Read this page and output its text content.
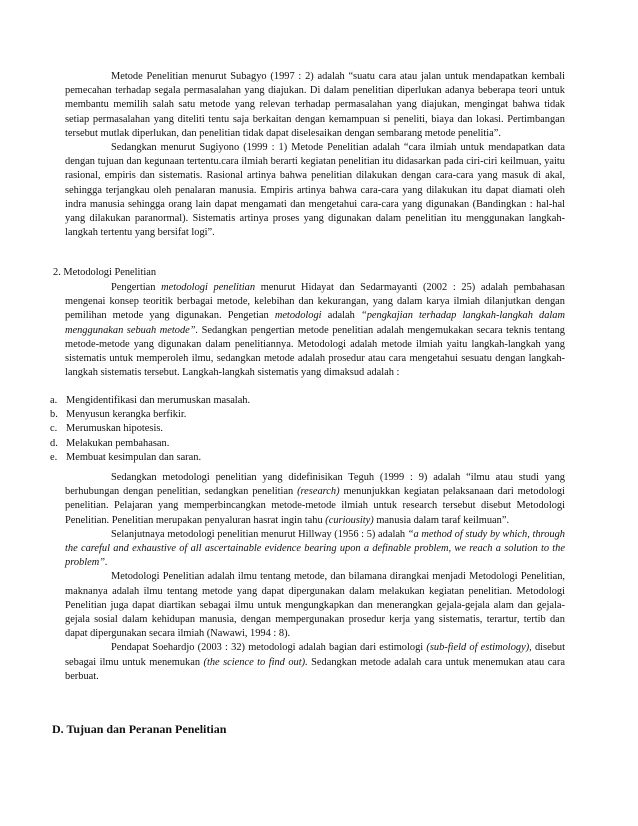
Metode Penelitian menurut Subagyo (1997 : 2) adalah “suatu cara atau jalan untuk mendapatkan kembali pemecahan terhadap segala permasalahan yang diajukan. Di dalam penelitian diperlukan adanya beberapa teori untuk membantu memilih salah satu metode yang relevan terhadap permasalahan yang diajukan, mengingat bahwa tidak setiap permasalahan yang diteliti tentu saja berkaitan dengan kemampuan si peneliti, biaya dan lokasi. Pertimbangan tersebut mutlak diperlukan, dan penelitian tidak dapat diselesaikan dengan sembarang metode penelitia”.

Sedangkan menurut Sugiyono (1999 : 1) Metode Penelitian adalah “cara ilmiah untuk mendapatkan data dengan tujuan dan kegunaan tertentu.cara ilmiah berarti kegiatan penelitian itu didasarkan pada ciri-ciri keilmuan, yaitu rasional, empiris dan sistematis. Rasional artinya bahwa penelitian dilakukan dengan cara-cara yang masuk di akal, sehingga terjangkau oleh penalaran manusia. Empiris artinya bahwa cara-cara yang dilakukan itu dapat diamati oleh indra manusia sehingga orang lain dapat mengamati dan mengetahui cara-cara yang digunakan (Bandingkan : hal-hal yang dilakukan paranormal). Sistematis artinya proses yang digunakan dalam penelitian itu menggunakan langkah-langkah tertentu yang bersifat logi”.

2. Metodologi Penelitian

Pengertian metodologi penelitian menurut Hidayat dan Sedarmayanti (2002 : 25) adalah pembahasan mengenai konsep teoritik berbagai metode, kelebihan dan kekurangan, yang dalam karya ilmiah dilanjutkan dengan pemilihan metode yang digunakan. Pengetian metodologi adalah “pengkajian terhadap langkah-langkah dalam menggunakan sebuah metode”. Sedangkan pengertian metode penelitian adalah mengemukakan secara teknis tentang metode-metode yang digunakan dalam penelitiannya. Metodologi adalah metode ilmiah yaitu langkah-langkah yang sistematis untuk memperoleh ilmu, sedangkan metode adalah prosedur atau cara mengetahui sesuatu dengan langkah-langkah sistematis tersebut. Langkah-langkah sistematis yang dimaksud adalah :

a. Mengidentifikasi dan merumuskan masalah.
b. Menyusun kerangka berfikir.
c. Merumuskan hipotesis.
d. Melakukan pembahasan.
e. Membuat kesimpulan dan saran.

Sedangkan metodologi penelitian yang didefinisikan Teguh (1999 : 9) adalah “ilmu atau studi yang berhubungan dengan penelitian, sedangkan penelitian (research) menunjukkan kegiatan pelaksanaan dari metodologi penelitian. Pelajaran yang memperbincangkan metode-metode ilmiah untuk research tersebut disebut Metodologi Penelitian. Penelitian merupakan penyaluran hasrat ingin tahu (curiousity) manusia dalam taraf keilmuan”.

Selanjutnaya metodologi penelitian menurut Hillway (1956 : 5) adalah “a method of study by which, through the careful and exhaustive of all ascertainable evidence bearing upon a definable problem, we reach a solution to the problem”.

Metodologi Penelitian adalah ilmu tentang metode, dan bilamana dirangkai menjadi Metodologi Penelitian, maknanya adalah ilmu tentang metode yang dapat dipergunakan dalam melakukan kegiatan penelitian. Metodologi Penelitian juga dapat diartikan sebagai ilmu untuk mengungkapkan dan menerangkan gejala-gejala alam dan gejala-gejala sosial dalam kehidupan manusia, dengan mempergunakan prosedur kerja yang sistematis, terartur, tertib dan dapat dipergunakan secara ilmiah (Nawawi, 1994 : 8).

Pendapat Soehardjo (2003 : 32) metodologi adalah bagian dari estimologi (sub-field of estimology), disebut sebagai ilmu untuk menemukan (the science to find out). Sedangkan metode adalah cara untuk menemukan atau cara berbuat.

D. Tujuan dan Peranan Penelitian
